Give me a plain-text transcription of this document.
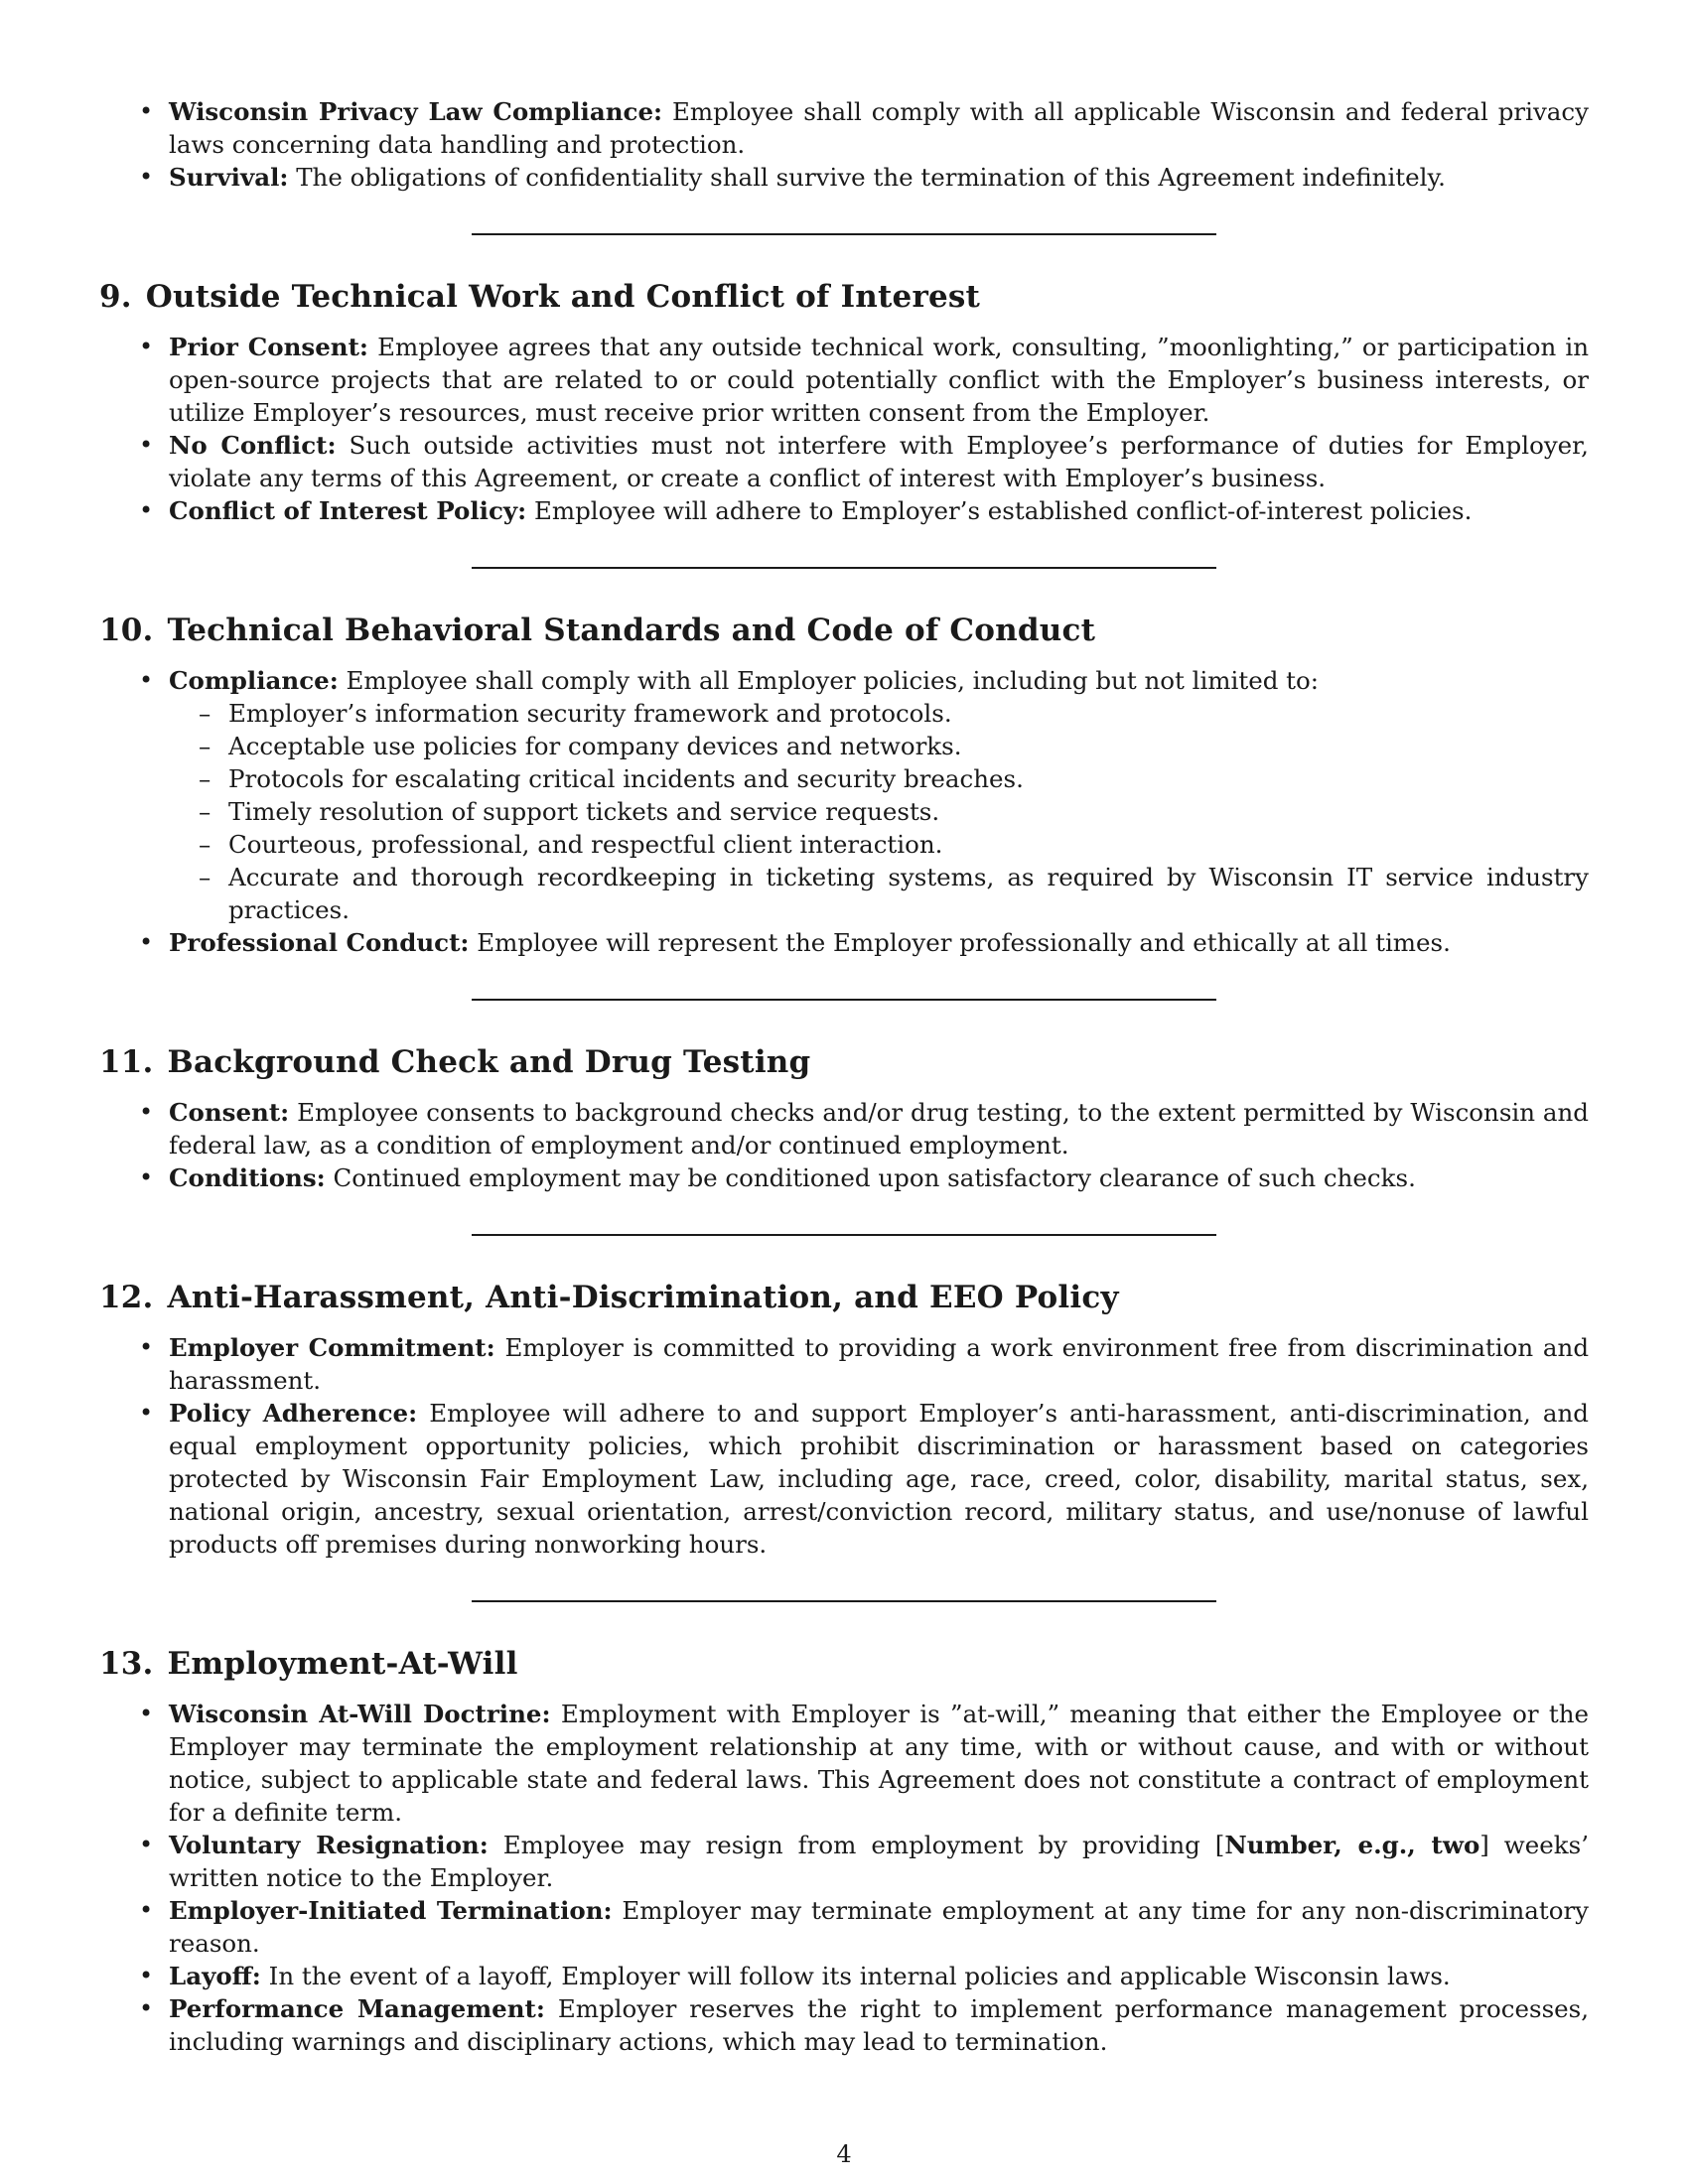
• Wisconsin Privacy Law Compliance: Employee shall comply with all applicable Wisconsin and federal privacy laws concerning data handling and protection.
• Survival: The obligations of confidentiality shall survive the termination of this Agreement indefinitely.
9. Outside Technical Work and Conflict of Interest
• Prior Consent: Employee agrees that any outside technical work, consulting, ”moonlighting,” or participation in open-source projects that are related to or could potentially conflict with the Employer’s business interests, or utilize Employer’s resources, must receive prior written consent from the Employer.
• No Conflict: Such outside activities must not interfere with Employee’s performance of duties for Employer, violate any terms of this Agreement, or create a conflict of interest with Employer’s business.
• Conflict of Interest Policy: Employee will adhere to Employer’s established conflict-of-interest policies.
10. Technical Behavioral Standards and Code of Conduct
• Compliance: Employee shall comply with all Employer policies, including but not limited to:
– Employer’s information security framework and protocols.
– Acceptable use policies for company devices and networks.
– Protocols for escalating critical incidents and security breaches.
– Timely resolution of support tickets and service requests.
– Courteous, professional, and respectful client interaction.
– Accurate and thorough recordkeeping in ticketing systems, as required by Wisconsin IT service industry practices.
• Professional Conduct: Employee will represent the Employer professionally and ethically at all times.
11. Background Check and Drug Testing
• Consent: Employee consents to background checks and/or drug testing, to the extent permitted by Wisconsin and federal law, as a condition of employment and/or continued employment.
• Conditions: Continued employment may be conditioned upon satisfactory clearance of such checks.
12. Anti-Harassment, Anti-Discrimination, and EEO Policy
• Employer Commitment: Employer is committed to providing a work environment free from discrimination and harassment.
• Policy Adherence: Employee will adhere to and support Employer’s anti-harassment, anti-discrimination, and equal employment opportunity policies, which prohibit discrimination or harassment based on categories protected by Wisconsin Fair Employment Law, including age, race, creed, color, disability, marital status, sex, national origin, ancestry, sexual orientation, arrest/conviction record, military status, and use/nonuse of lawful products off premises during nonworking hours.
13. Employment-At-Will
• Wisconsin At-Will Doctrine: Employment with Employer is ”at-will,” meaning that either the Employee or the Employer may terminate the employment relationship at any time, with or without cause, and with or without notice, subject to applicable state and federal laws. This Agreement does not constitute a contract of employment for a definite term.
• Voluntary Resignation: Employee may resign from employment by providing [Number, e.g., two] weeks’ written notice to the Employer.
• Employer-Initiated Termination: Employer may terminate employment at any time for any non-discriminatory reason.
• Layoff: In the event of a layoff, Employer will follow its internal policies and applicable Wisconsin laws.
• Performance Management: Employer reserves the right to implement performance management processes, including warnings and disciplinary actions, which may lead to termination.
4
